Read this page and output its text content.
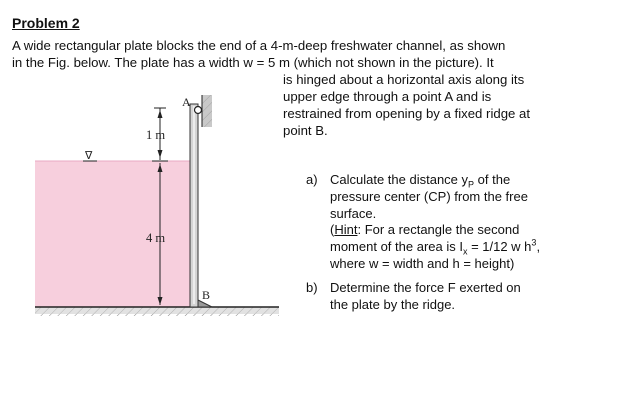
Problem 2
A wide rectangular plate blocks the end of a 4-m-deep freshwater channel, as shown
in the Fig. below. The plate has a width w = 5 m (which not shown in the picture). It
is hinged about a horizontal axis along its
upper edge through a point A and is
restrained from opening by a fixed ridge at
point B.
A
B
1 m
4 m
∇
a) Calculate the distance $y_P$ of the
pressure center (CP) from the free
surface.
(Hint: For a rectangle the second
moment of the area is $I_x = 1/12$ w $h^3$,
where w = width and h = height)
b) Determine the force F exerted on
the plate by the ridge.
